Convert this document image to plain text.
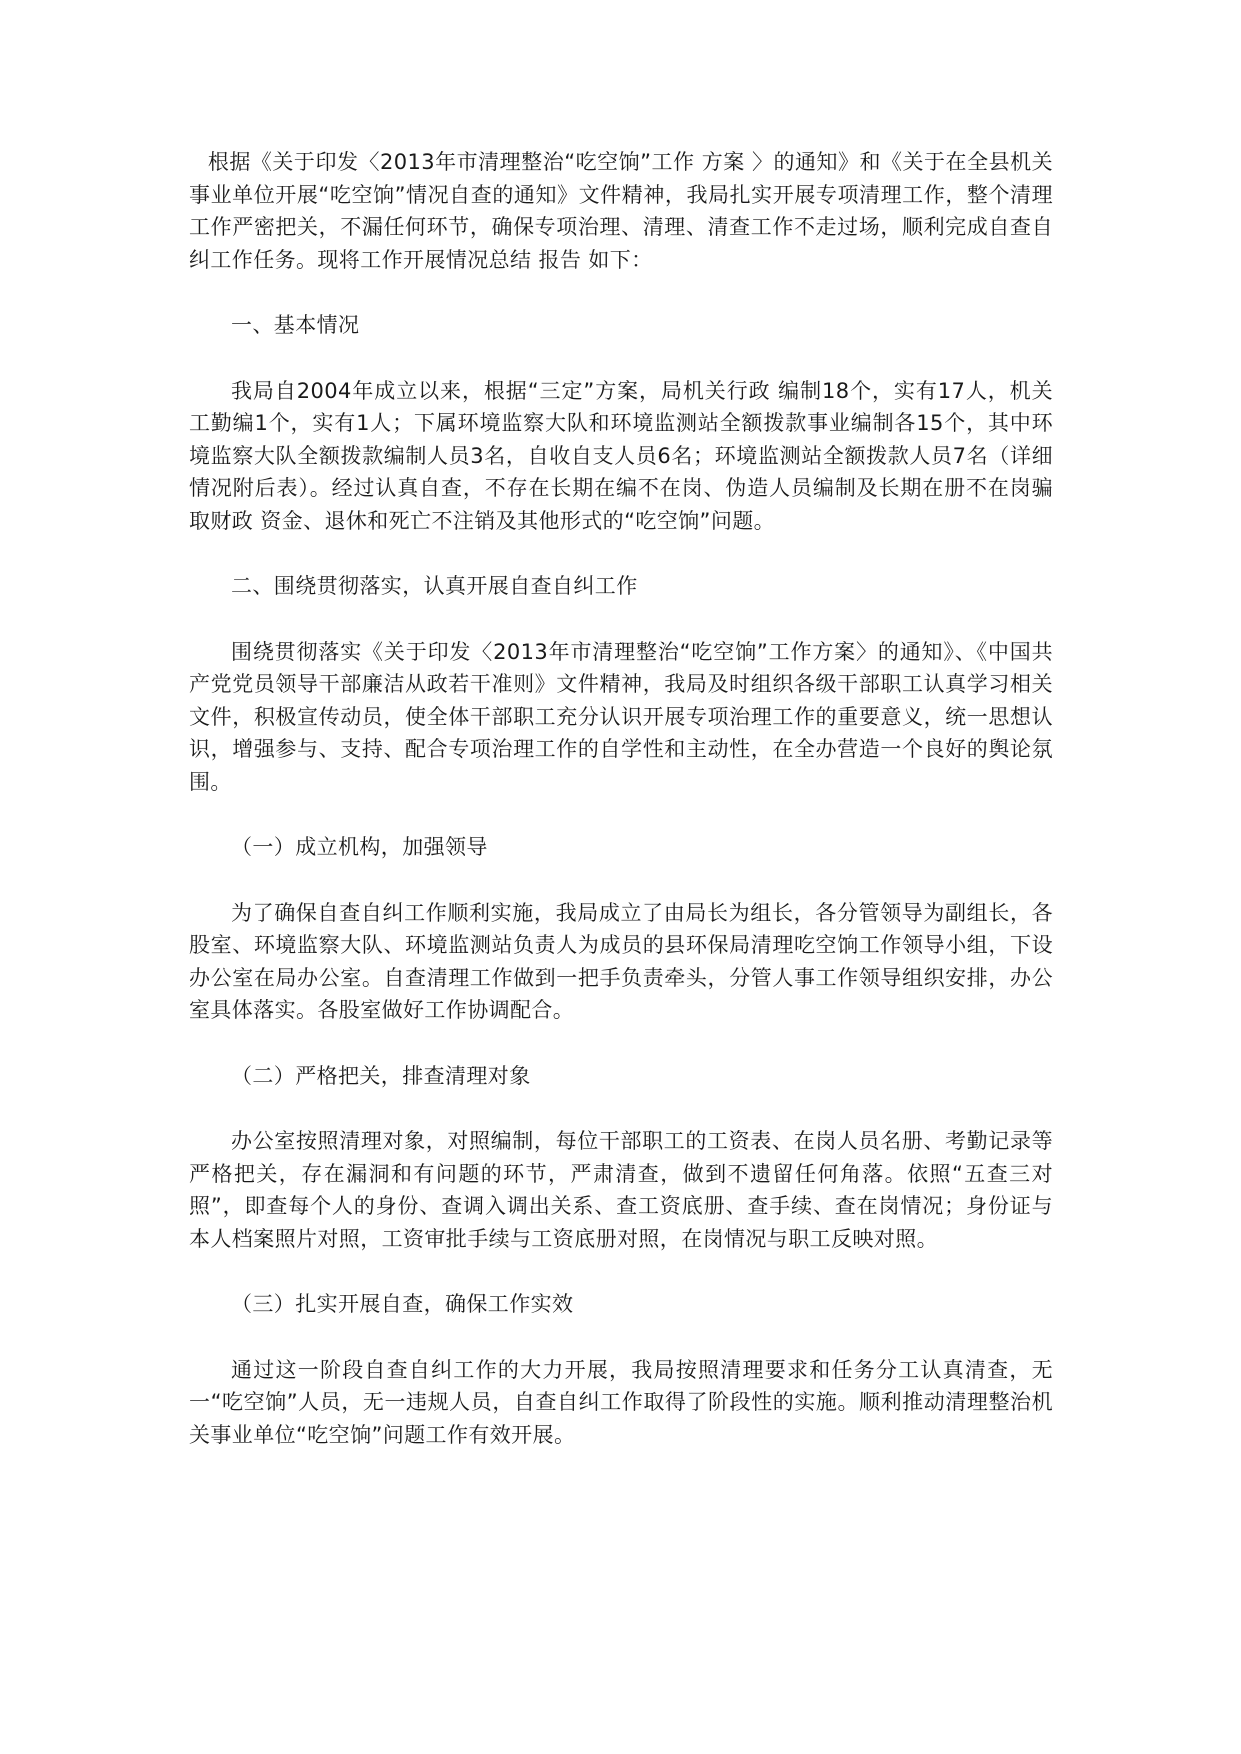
根据《关于印发〈2013年市清理整治“吃空饷”工作 方案 〉的通知》和《关于在全县机关事业单位开展“吃空饷”情况自查的通知》文件精神，我局扎实开展专项清理工作，整个清理工作严密把关，不漏任何环节，确保专项治理、清理、清查工作不走过场，顺利完成自查自纠工作任务。现将工作开展情况总结 报告 如下：

一、基本情况

我局自2004年成立以来，根据“三定”方案，局机关行政 编制18个，实有17人，机关工勤编1个，实有1人；下属环境监察大队和环境监测站全额拨款事业编制各15个，其中环境监察大队全额拨款编制人员3名，自收自支人员6名；环境监测站全额拨款人员7名（详细情况附后表）。经过认真自查，不存在长期在编不在岗、伪造人员编制及长期在册不在岗骗取财政 资金、退休和死亡不注销及其他形式的“吃空饷”问题。

二、围绕贯彻落实，认真开展自查自纠工作

围绕贯彻落实《关于印发〈2013年市清理整治“吃空饷”工作方案〉的通知》、《中国共产党党员领导干部廉洁从政若干准则》文件精神，我局及时组织各级干部职工认真学习相关文件，积极宣传动员，使全体干部职工充分认识开展专项治理工作的重要意义，统一思想认识，增强参与、支持、配合专项治理工作的自学性和主动性，在全办营造一个良好的舆论氛围。

（一）成立机构，加强领导

为了确保自查自纠工作顺利实施，我局成立了由局长为组长，各分管领导为副组长，各股室、环境监察大队、环境监测站负责人为成员的县环保局清理吃空饷工作领导小组，下设办公室在局办公室。自查清理工作做到一把手负责牵头，分管人事工作领导组织安排，办公室具体落实。各股室做好工作协调配合。

（二）严格把关，排查清理对象

办公室按照清理对象，对照编制，每位干部职工的工资表、在岗人员名册、考勤记录等严格把关，存在漏洞和有问题的环节，严肃清查，做到不遗留任何角落。依照“五查三对照”，即查每个人的身份、查调入调出关系、查工资底册、查手续、查在岗情况；身份证与本人档案照片对照，工资审批手续与工资底册对照，在岗情况与职工反映对照。

（三）扎实开展自查，确保工作实效

通过这一阶段自查自纠工作的大力开展，我局按照清理要求和任务分工认真清查，无一“吃空饷”人员，无一违规人员，自查自纠工作取得了阶段性的实施。顺利推动清理整治机关事业单位“吃空饷”问题工作有效开展。
